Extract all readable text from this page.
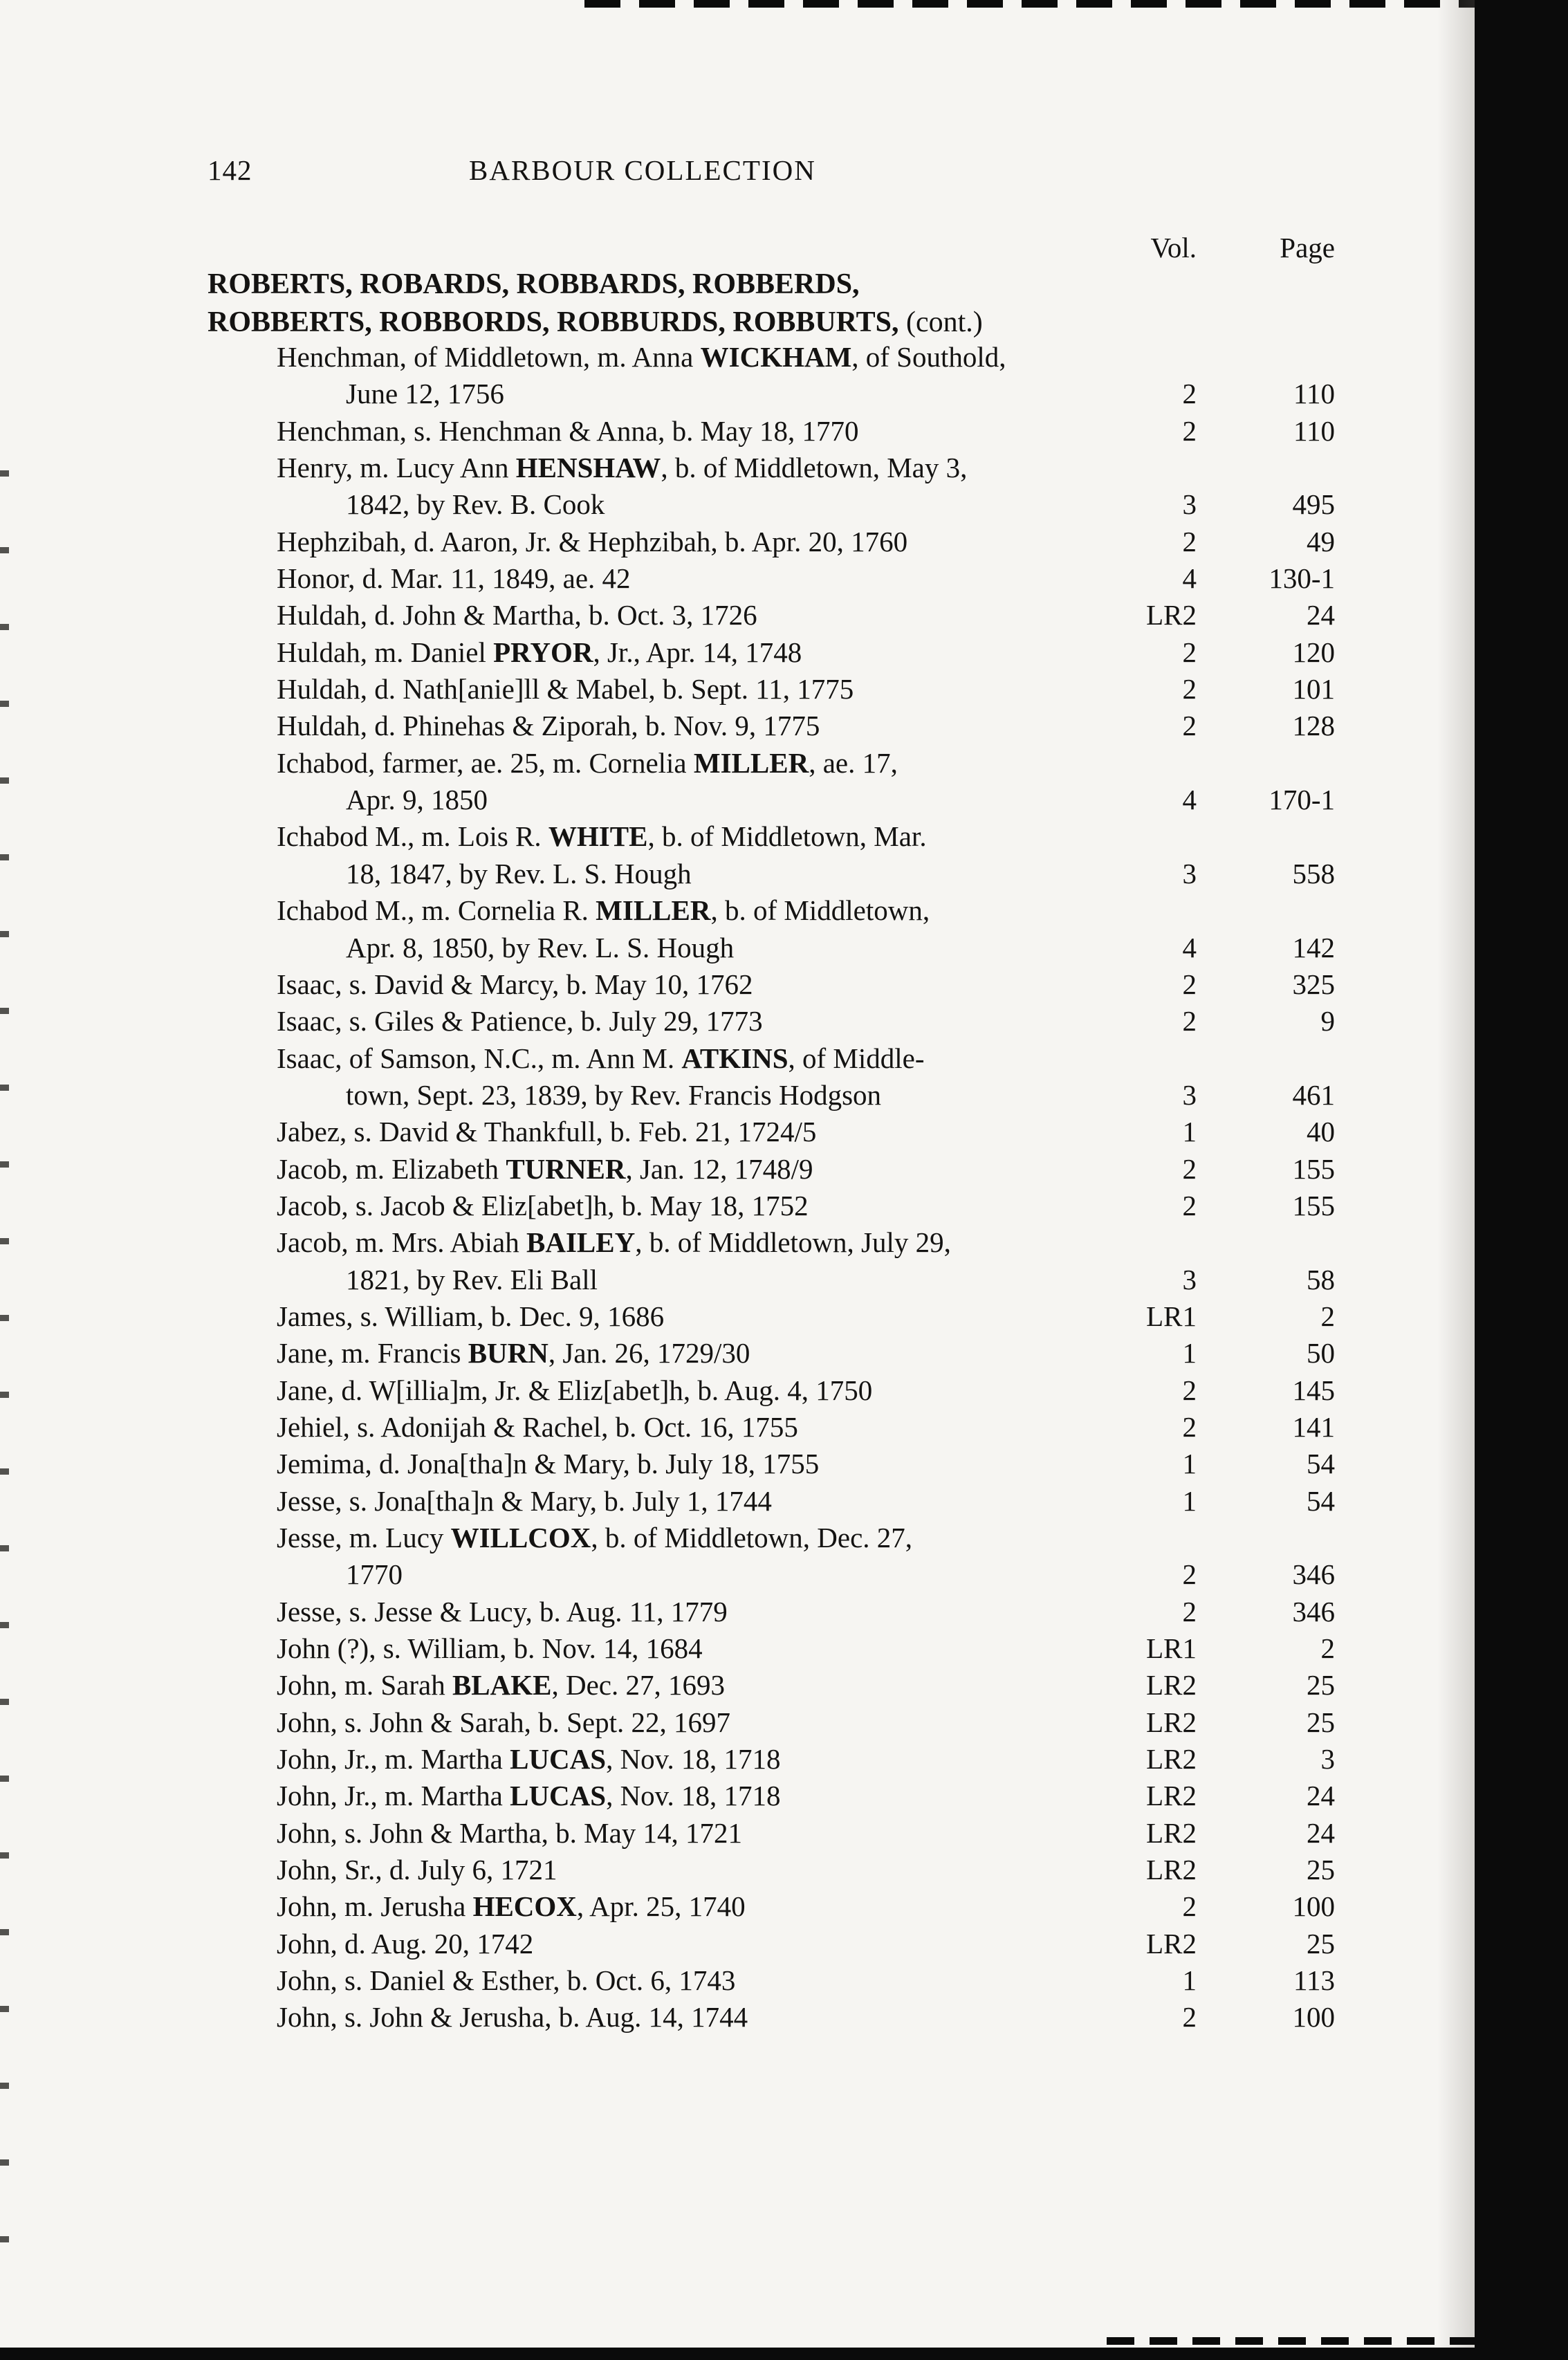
142	BARBOUR COLLECTION
Vol.	Page
ROBERTS, ROBARDS, ROBBARDS, ROBBERDS,
ROBBERTS, ROBBORDS, ROBBURDS, ROBBURTS, (cont.)
Henchman, of Middletown, m. Anna WICKHAM, of Southold,
June 12, 1756	2	110
Henchman, s. Henchman & Anna, b. May 18, 1770	2	110
Henry, m. Lucy Ann HENSHAW, b. of Middletown, May 3,
1842, by Rev. B. Cook	3	495
Hephzibah, d. Aaron, Jr. & Hephzibah, b. Apr. 20, 1760	2	49
Honor, d. Mar. 11, 1849, ae. 42	4	130-1
Huldah, d. John & Martha, b. Oct. 3, 1726	LR2	24
Huldah, m. Daniel PRYOR, Jr., Apr. 14, 1748	2	120
Huldah, d. Nath[anie]ll & Mabel, b. Sept. 11, 1775	2	101
Huldah, d. Phinehas & Ziporah, b. Nov. 9, 1775	2	128
Ichabod, farmer, ae. 25, m. Cornelia MILLER, ae. 17,
Apr. 9, 1850	4	170-1
Ichabod M., m. Lois R. WHITE, b. of Middletown, Mar.
18, 1847, by Rev. L. S. Hough	3	558
Ichabod M., m. Cornelia R. MILLER, b. of Middletown,
Apr. 8, 1850, by Rev. L. S. Hough	4	142
Isaac, s. David & Marcy, b. May 10, 1762	2	325
Isaac, s. Giles & Patience, b. July 29, 1773	2	9
Isaac, of Samson, N.C., m. Ann M. ATKINS, of Middle-
town, Sept. 23, 1839, by Rev. Francis Hodgson	3	461
Jabez, s. David & Thankfull, b. Feb. 21, 1724/5	1	40
Jacob, m. Elizabeth TURNER, Jan. 12, 1748/9	2	155
Jacob, s. Jacob & Eliz[abet]h, b. May 18, 1752	2	155
Jacob, m. Mrs. Abiah BAILEY, b. of Middletown, July 29,
1821, by Rev. Eli Ball	3	58
James, s. William, b. Dec. 9, 1686	LR1	2
Jane, m. Francis BURN, Jan. 26, 1729/30	1	50
Jane, d. W[illia]m, Jr. & Eliz[abet]h, b. Aug. 4, 1750	2	145
Jehiel, s. Adonijah & Rachel, b. Oct. 16, 1755	2	141
Jemima, d. Jona[tha]n & Mary, b. July 18, 1755	1	54
Jesse, s. Jona[tha]n & Mary, b. July 1, 1744	1	54
Jesse, m. Lucy WILLCOX, b. of Middletown, Dec. 27,
1770	2	346
Jesse, s. Jesse & Lucy, b. Aug. 11, 1779	2	346
John (?), s. William, b. Nov. 14, 1684	LR1	2
John, m. Sarah BLAKE, Dec. 27, 1693	LR2	25
John, s. John & Sarah, b. Sept. 22, 1697	LR2	25
John, Jr., m. Martha LUCAS, Nov. 18, 1718	LR2	3
John, Jr., m. Martha LUCAS, Nov. 18, 1718	LR2	24
John, s. John & Martha, b. May 14, 1721	LR2	24
John, Sr., d. July 6, 1721	LR2	25
John, m. Jerusha HECOX, Apr. 25, 1740	2	100
John, d. Aug. 20, 1742	LR2	25
John, s. Daniel & Esther, b. Oct. 6, 1743	1	113
John, s. John & Jerusha, b. Aug. 14, 1744	2	100
